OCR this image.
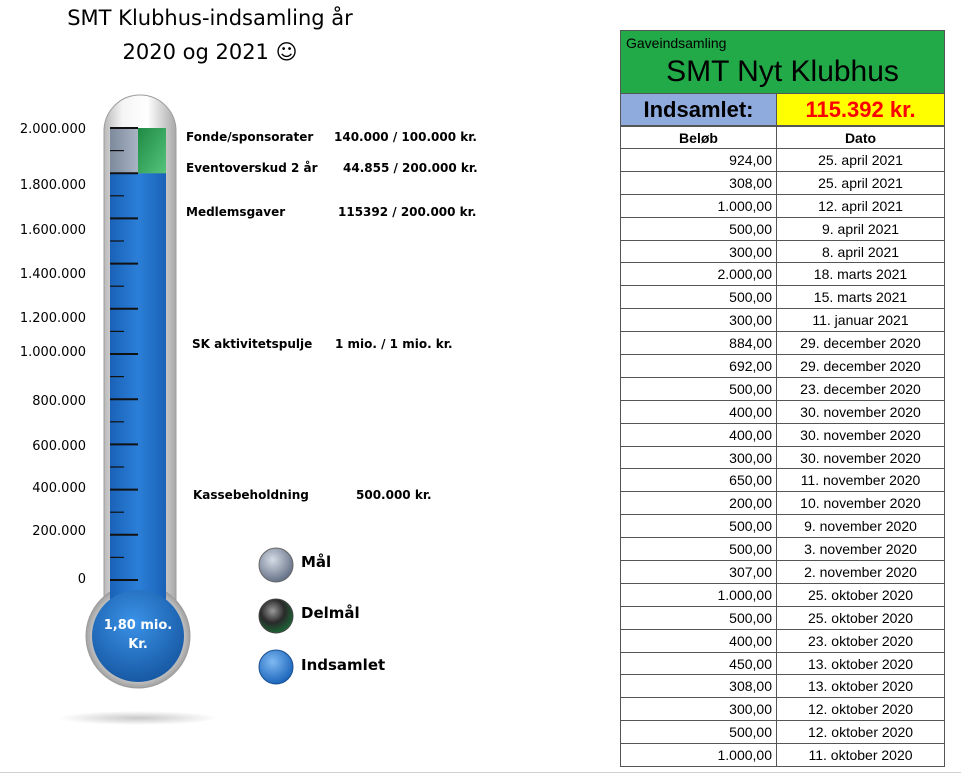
SMT Klubhus-indsamling år
2020 og 2021 ☺
2.000.000
1.800.000
1.600.000
1.400.000
1.200.000
1.000.000
800.000
600.000
400.000
200.000
0
1,80 mio.
Kr.
Fonde/sponsorater 140.000 / 100.000 kr.
Eventoverskud 2 år 44.855 / 200.000 kr.
Medlemsgaver	115392 / 200.000 kr.
SK aktivitetspulje 1 mio. / 1 mio. kr.
Kassebeholdning	500.000 kr.
Mål
Delmål
Indsamlet
Gaveindsamling
SMT Nyt Klubhus
Indsamlet:	115.392 kr.
Beløb	Dato
924,00	25. april 2021
308,00	25. april 2021
1.000,00	12. april 2021
500,00	9. april 2021
300,00	8. april 2021
2.000,00	18. marts 2021
500,00	15. marts 2021
300,00	11. januar 2021
884,00	29. december 2020
692,00	29. december 2020
500,00	23. december 2020
400,00	30. november 2020
400,00	30. november 2020
300,00	30. november 2020
650,00	11. november 2020
200,00	10. november 2020
500,00	9. november 2020
500,00	3. november 2020
307,00	2. november 2020
1.000,00	25. oktober 2020
500,00	25. oktober 2020
400,00	23. oktober 2020
450,00	13. oktober 2020
308,00	13. oktober 2020
300,00	12. oktober 2020
500,00	12. oktober 2020
1.000,00	11. oktober 2020
